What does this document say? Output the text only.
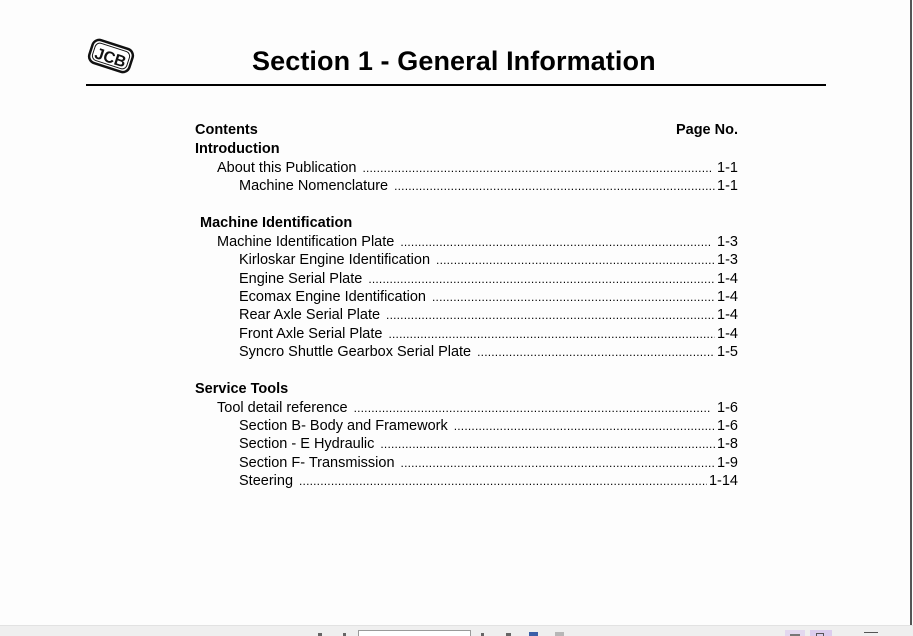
JCB	Section 1 - General Information
Contents	Page No.
Introduction
About this Publication .....	1-1
Machine Nomenclature .....	1-1
Machine Identification
Machine Identification Plate .....	1-3
Kirloskar Engine Identification .....	1-3
Engine Serial Plate .....	1-4
Ecomax Engine Identification .....	1-4
Rear Axle Serial Plate .....	1-4
Front Axle Serial Plate .....	1-4
Syncro Shuttle Gearbox Serial Plate .....	1-5
Service Tools
Tool detail reference .....	1-6
Section B- Body and Framework .....	1-6
Section - E Hydraulic .....	1-8
Section F- Transmission .....	1-9
Steering .....	1-14
